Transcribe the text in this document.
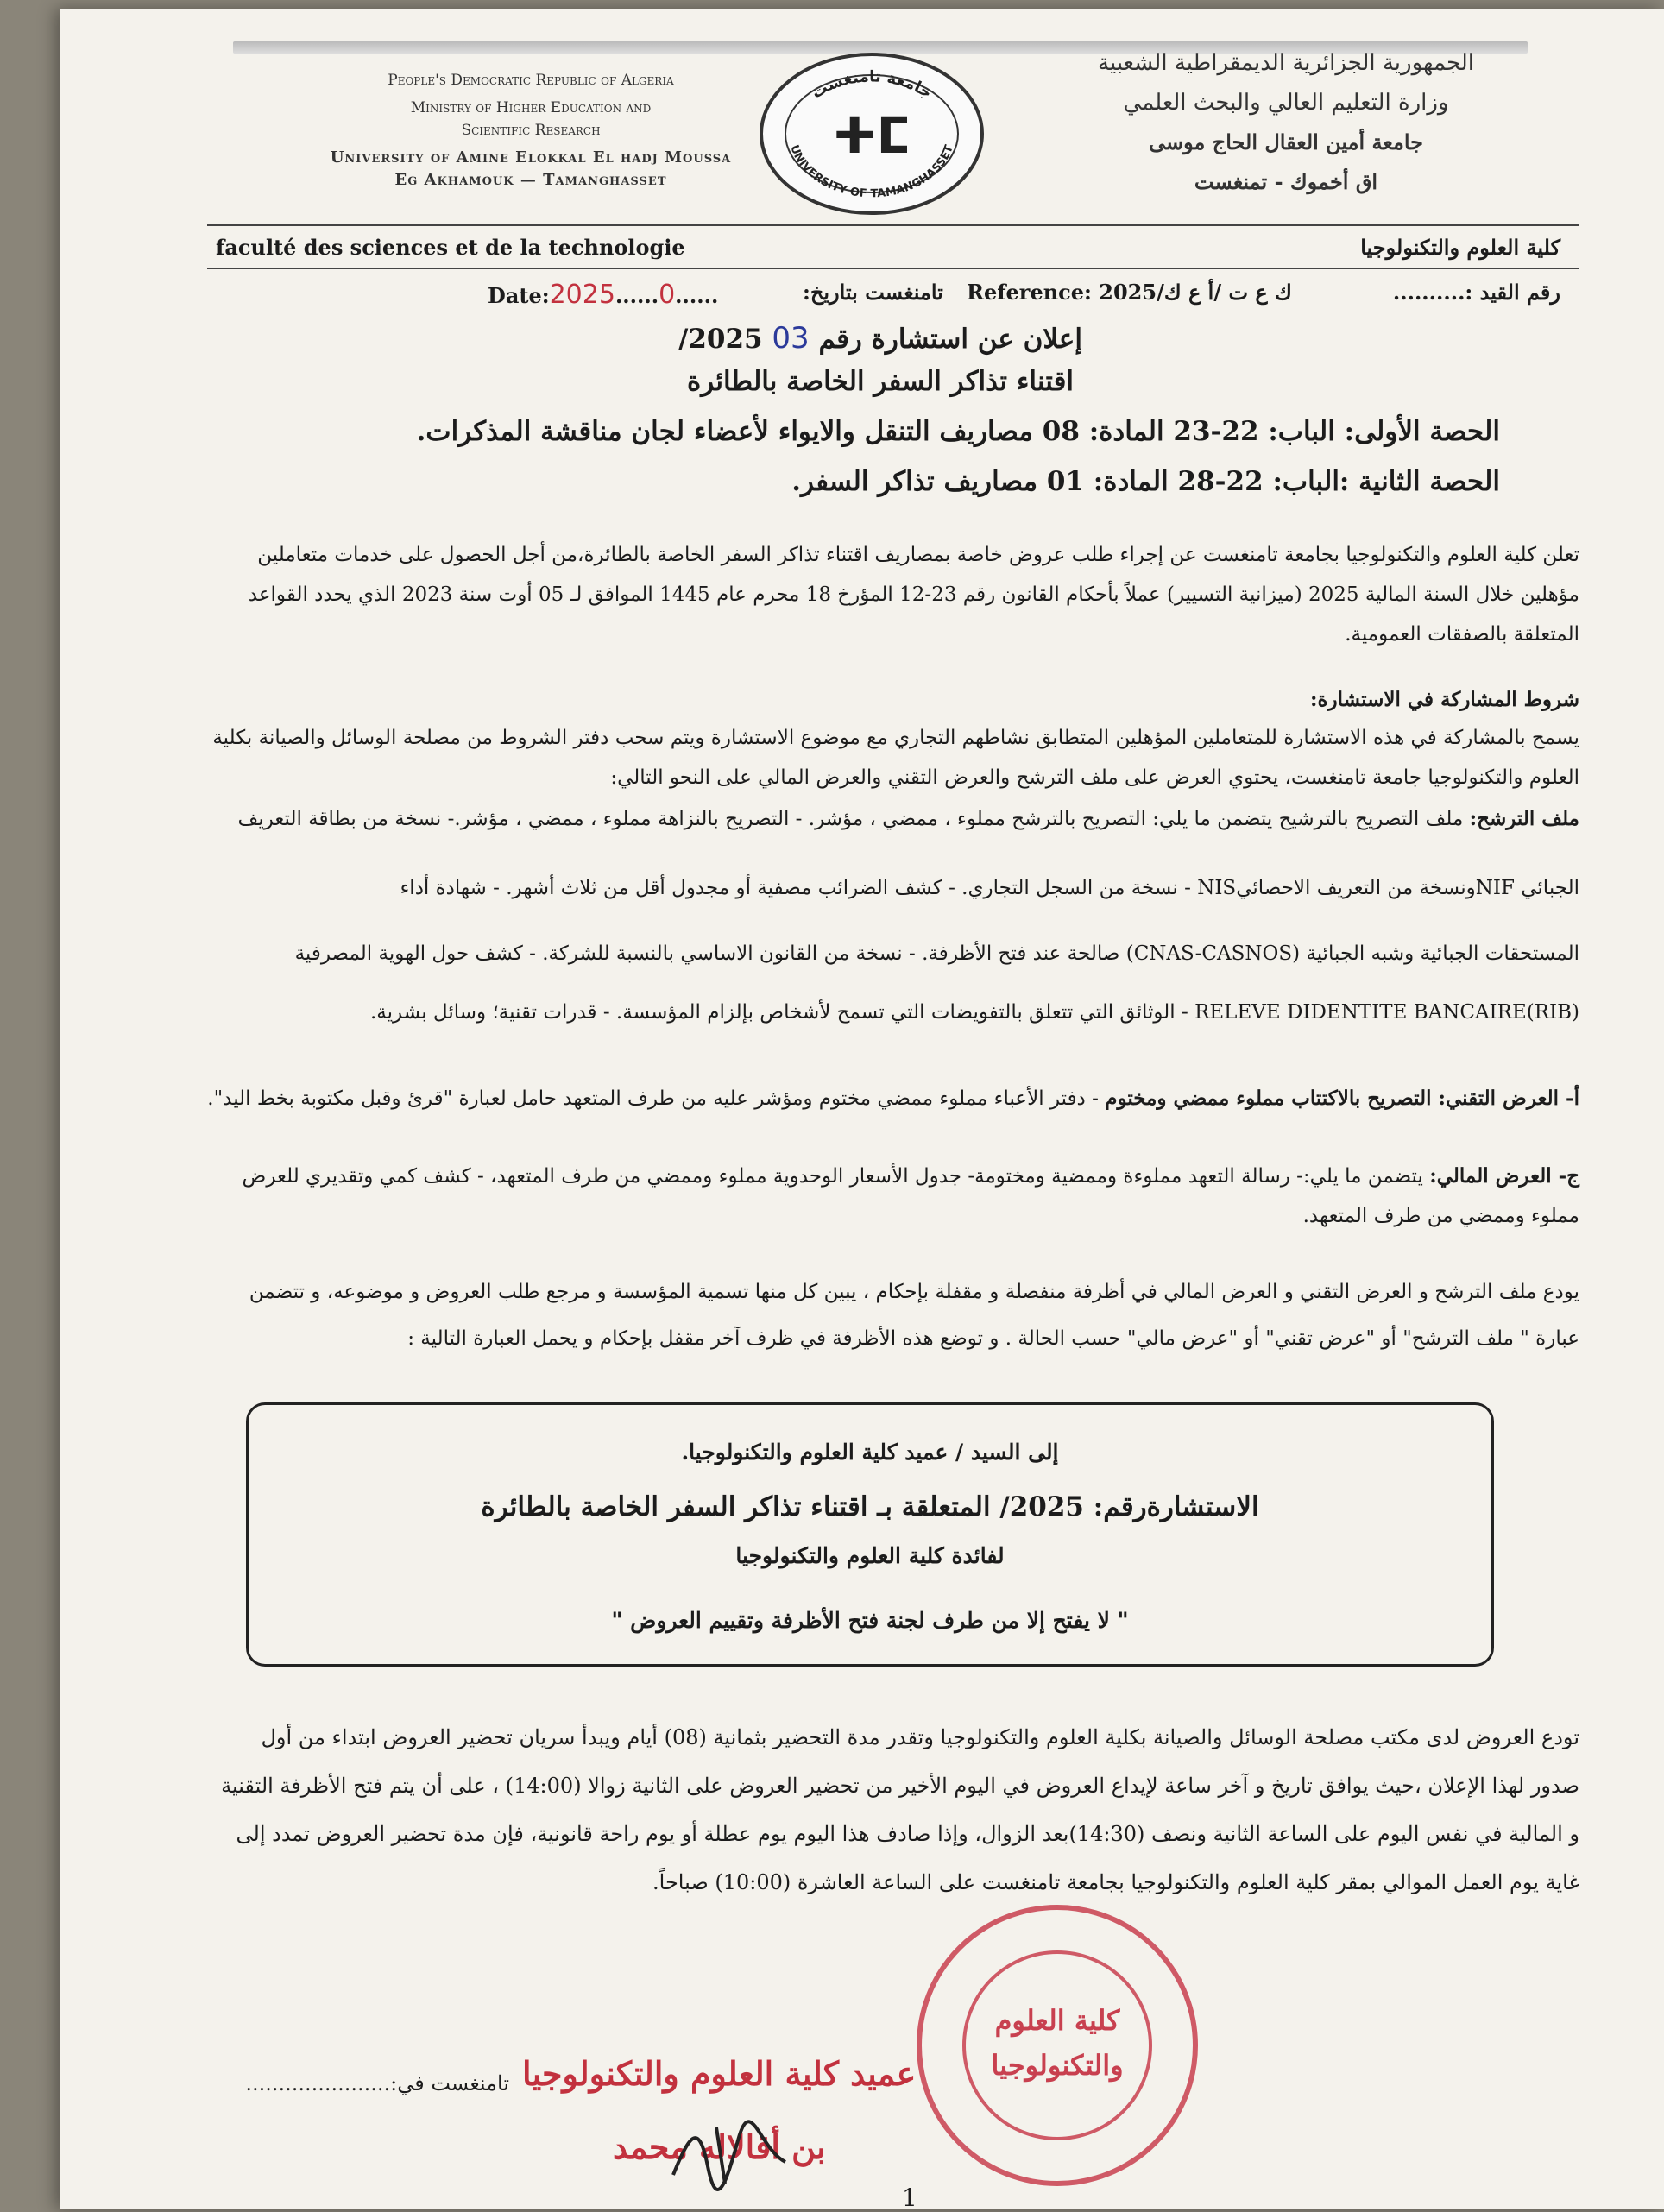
People's Democratic Republic of Algeria
Ministry of Higher Education and
Scientific Research
University of Amine Elokkal El hadj Moussa
Eg Akhamouk — Tamanghasset
جامعة تامنغست
UNIVERSITY OF TAMANGHASSET
ⵜⵎ
الجمهورية الجزائرية الديمقراطية الشعبية
وزارة التعليم العالي والبحث العلمي
جامعة أمين العقال الحاج موسى
اق أخموك - تمنغست
faculté des sciences et de la technologie	كلية العلوم والتكنولوجيا
Date:2025......0......	تامنغست بتاريخ: Reference: 2025/ك ع ت /أ ع ك	رقم القيد :..........
إعلان عن استشارة رقم 03 2025/
اقتناء تذاكر السفر الخاصة بالطائرة
الحصة الأولى: الباب: 22-23 المادة: 08 مصاريف التنقل والايواء لأعضاء لجان مناقشة المذكرات.
الحصة الثانية :الباب: 22-28 المادة: 01 مصاريف تذاكر السفر.
تعلن كلية العلوم والتكنولوجيا بجامعة تامنغست عن إجراء طلب عروض خاصة بمصاريف اقتناء تذاكر السفر الخاصة بالطائرة،من أجل الحصول على خدمات متعاملين مؤهلين خلال السنة المالية 2025 (ميزانية التسيير) عملاً بأحكام القانون رقم 23-12 المؤرخ 18 محرم عام 1445 الموافق لـ 05 أوت سنة 2023 الذي يحدد القواعد المتعلقة بالصفقات العمومية.
شروط المشاركة في الاستشارة:
يسمح بالمشاركة في هذه الاستشارة للمتعاملين المؤهلين المتطابق نشاطهم التجاري مع موضوع الاستشارة ويتم سحب دفتر الشروط من مصلحة الوسائل والصيانة بكلية العلوم والتكنولوجيا جامعة تامنغست، يحتوي العرض على ملف الترشح والعرض التقني والعرض المالي على النحو التالي:
ملف الترشح: ملف التصريح بالترشيح يتضمن ما يلي: التصريح بالترشح مملوء ، ممضي ، مؤشر. - التصريح بالنزاهة مملوء ، ممضي ، مؤشر.- نسخة من بطاقة التعريف
الجبائي NIFونسخة من التعريف الاحصائيNIS - نسخة من السجل التجاري. - كشف الضرائب مصفية أو مجدول أقل من ثلاث أشهر. - شهادة أداء
المستحقات الجبائية وشبه الجبائية (CNAS-CASNOS) صالحة عند فتح الأظرفة. - نسخة من القانون الاساسي بالنسبة للشركة. - كشف حول الهوية المصرفية
RELEVE DIDENTITE BANCAIRE(RIB) - الوثائق التي تتعلق بالتفويضات التي تسمح لأشخاص بإلزام المؤسسة. - قدرات تقنية؛ وسائل بشرية.
أ- العرض التقني: التصريح بالاكتتاب مملوء ممضي ومختوم - دفتر الأعباء مملوء ممضي مختوم ومؤشر عليه من طرف المتعهد حامل لعبارة "قرئ وقبل مكتوبة بخط اليد".
ج- العرض المالي: يتضمن ما يلي:- رسالة التعهد مملوءة وممضية ومختومة- جدول الأسعار الوحدوية مملوء وممضي من طرف المتعهد، - كشف كمي وتقديري للعرض مملوء وممضي من طرف المتعهد.
يودع ملف الترشح و العرض التقني و العرض المالي في أظرفة منفصلة و مقفلة بإحكام ، يبين كل منها تسمية المؤسسة و مرجع طلب العروض و موضوعه، و تتضمن عبارة " ملف الترشح" أو "عرض تقني" أو "عرض مالي" حسب الحالة . و توضع هذه الأظرفة في ظرف آخر مقفل بإحكام و يحمل العبارة التالية :
إلى السيد / عميد كلية العلوم والتكنولوجيا.
الاستشارةرقم: 2025/ المتعلقة بـ اقتناء تذاكر السفر الخاصة بالطائرة
لفائدة كلية العلوم والتكنولوجيا
" لا يفتح إلا من طرف لجنة فتح الأظرفة وتقييم العروض "
تودع العروض لدى مكتب مصلحة الوسائل والصيانة بكلية العلوم والتكنولوجيا وتقدر مدة التحضير بثمانية (08) أيام ويبدأ سريان تحضير العروض ابتداء من أول صدور لهذا الإعلان ،حيث يوافق تاريخ و آخر ساعة لإيداع العروض في اليوم الأخير من تحضير العروض على الثانية زوالا (14:00) ، على أن يتم فتح الأظرفة التقنية و المالية في نفس اليوم على الساعة الثانية ونصف (14:30)بعد الزوال، وإذا صادف هذا اليوم يوم عطلة أو يوم راحة قانونية، فإن مدة تحضير العروض تمدد إلى غاية يوم العمل الموالي بمقر كلية العلوم والتكنولوجيا بجامعة تامنغست على الساعة العاشرة (10:00) صباحاً.
تامنغست في:...................... عميد كلية العلوم والتكنولوجيا
بن أقالاله محمد
كلية العلوم والتكنولوجيا
1
